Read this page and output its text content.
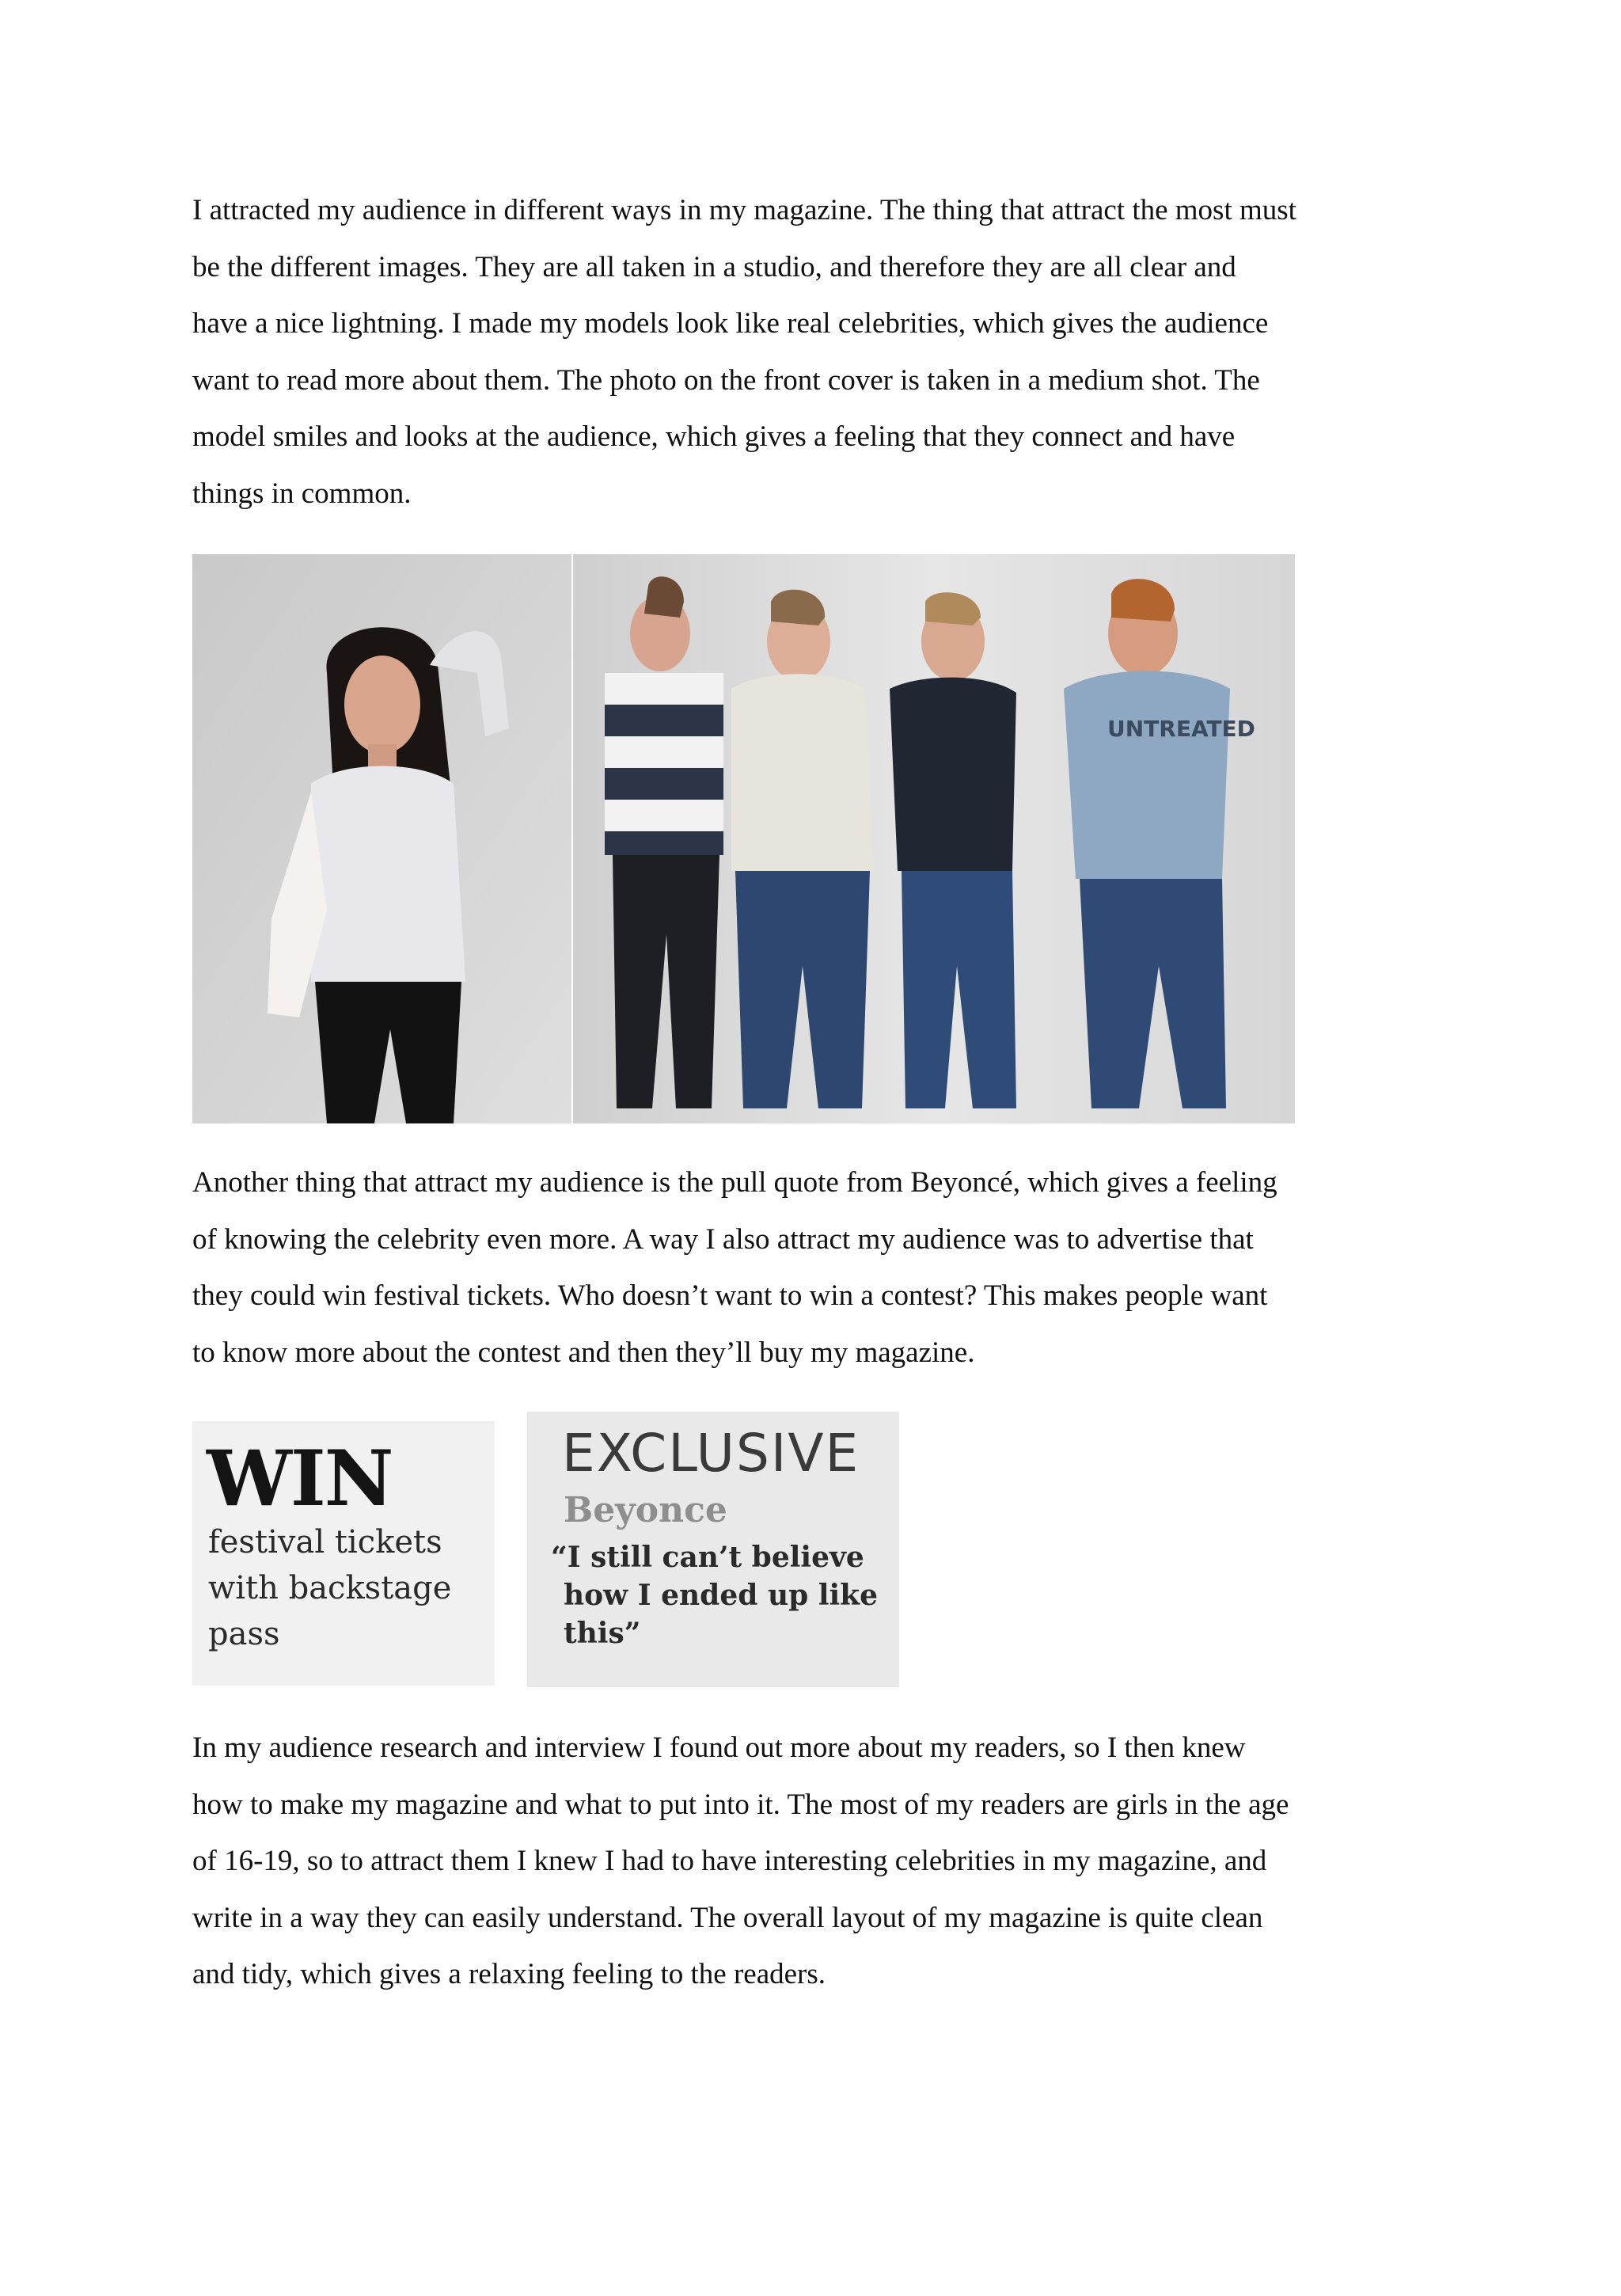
I attracted my audience in different ways in my magazine. The thing that attract the most must
be the different images. They are all taken in a studio, and therefore they are all clear and
have a nice lightning. I made my models look like real celebrities, which gives the audience
want to read more about them. The photo on the front cover is taken in a medium shot. The
model smiles and looks at the audience, which gives a feeling that they connect and have
things in common.

UNTREATED

Another thing that attract my audience is the pull quote from Beyoncé, which gives a feeling
of knowing the celebrity even more. A way I also attract my audience was to advertise that
they could win festival tickets. Who doesn’t want to win a contest? This makes people want
to know more about the contest and then they’ll buy my magazine.

WIN
festival tickets
with backstage
pass
EXCLUSIVE
Beyonce
“I still can’t believe
how I ended up like
this”

In my audience research and interview I found out more about my readers, so I then knew
how to make my magazine and what to put into it. The most of my readers are girls in the age
of 16-19, so to attract them I knew I had to have interesting celebrities in my magazine, and
write in a way they can easily understand. The overall layout of my magazine is quite clean
and tidy, which gives a relaxing feeling to the readers.
